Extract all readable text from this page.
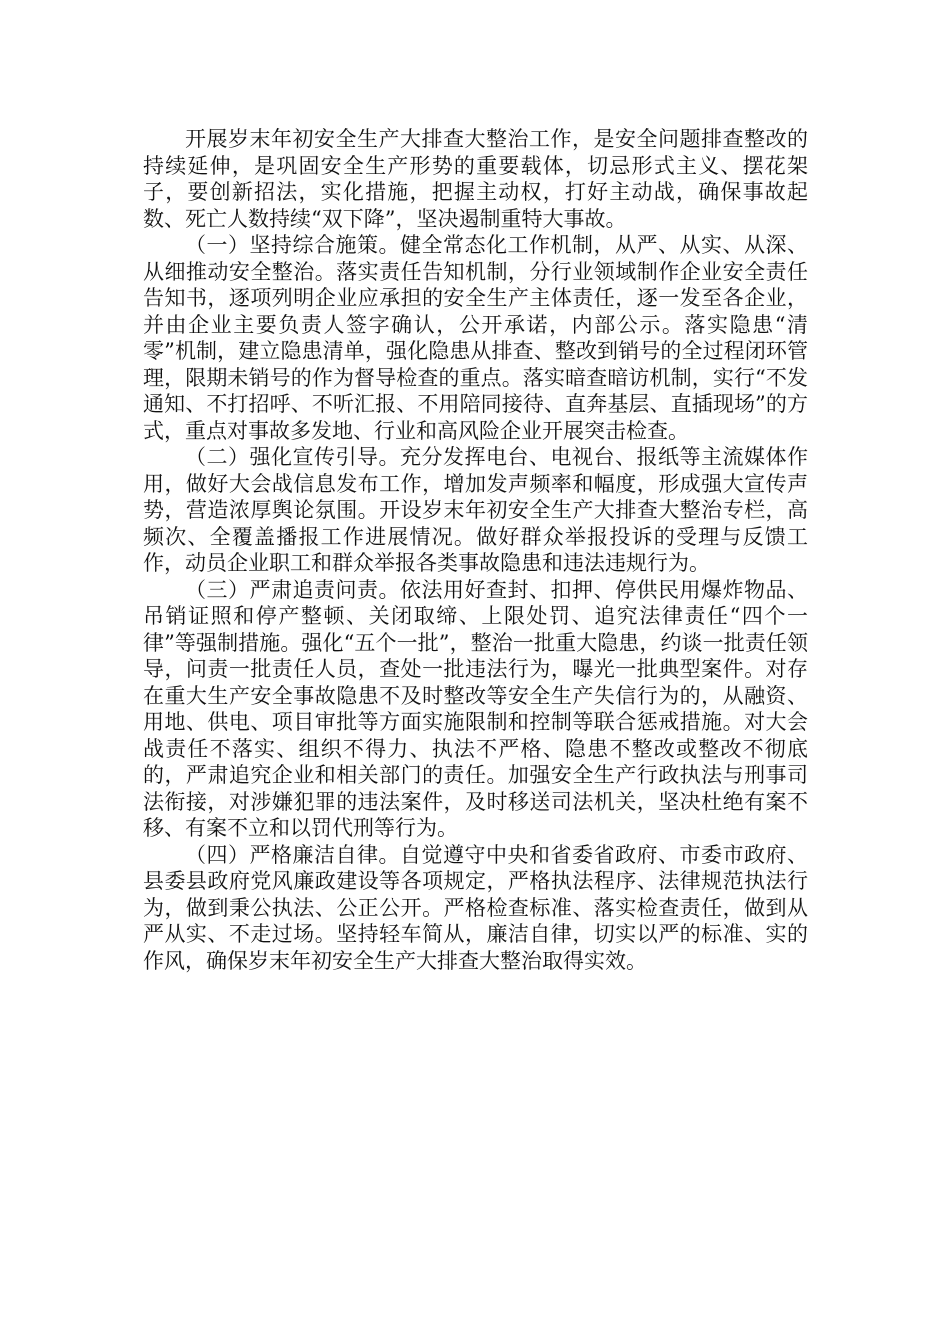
开展岁末年初安全生产大排查大整治工作，是安全问题排查整改的持续延伸，是巩固安全生产形势的重要载体，切忌形式主义、摆花架子，要创新招法，实化措施，把握主动权，打好主动战，确保事故起数、死亡人数持续“双下降”，坚决遏制重特大事故。

（一）坚持综合施策。健全常态化工作机制，从严、从实、从深、从细推动安全整治。落实责任告知机制，分行业领域制作企业安全责任告知书，逐项列明企业应承担的安全生产主体责任，逐一发至各企业，并由企业主要负责人签字确认，公开承诺，内部公示。落实隐患“清零”机制，建立隐患清单，强化隐患从排查、整改到销号的全过程闭环管理，限期未销号的作为督导检查的重点。落实暗查暗访机制，实行“不发通知、不打招呼、不听汇报、不用陪同接待、直奔基层、直插现场”的方式，重点对事故多发地、行业和高风险企业开展突击检查。

（二）强化宣传引导。充分发挥电台、电视台、报纸等主流媒体作用，做好大会战信息发布工作，增加发声频率和幅度，形成强大宣传声势，营造浓厚舆论氛围。开设岁末年初安全生产大排查大整治专栏，高频次、全覆盖播报工作进展情况。做好群众举报投诉的受理与反馈工作，动员企业职工和群众举报各类事故隐患和违法违规行为。

（三）严肃追责问责。依法用好查封、扣押、停供民用爆炸物品、吊销证照和停产整顿、关闭取缔、上限处罚、追究法律责任“四个一律”等强制措施。强化“五个一批”，整治一批重大隐患，约谈一批责任领导，问责一批责任人员，查处一批违法行为，曝光一批典型案件。对存在重大生产安全事故隐患不及时整改等安全生产失信行为的，从融资、用地、供电、项目审批等方面实施限制和控制等联合惩戒措施。对大会战责任不落实、组织不得力、执法不严格、隐患不整改或整改不彻底的，严肃追究企业和相关部门的责任。加强安全生产行政执法与刑事司法衔接，对涉嫌犯罪的违法案件，及时移送司法机关，坚决杜绝有案不移、有案不立和以罚代刑等行为。

（四）严格廉洁自律。自觉遵守中央和省委省政府、市委市政府、县委县政府党风廉政建设等各项规定，严格执法程序、法律规范执法行为，做到秉公执法、公正公开。严格检查标准、落实检查责任，做到从严从实、不走过场。坚持轻车简从，廉洁自律，切实以严的标准、实的作风，确保岁末年初安全生产大排查大整治取得实效。
